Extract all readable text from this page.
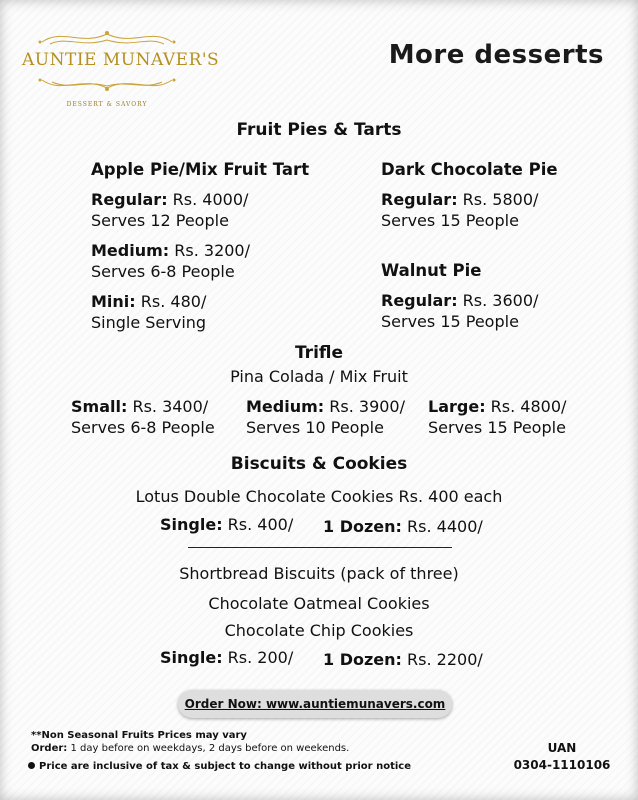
AUNTIE MUNAVER'S
DESSERT & SAVORY
More desserts
Fruit Pies & Tarts
Apple Pie/Mix Fruit Tart
Regular: Rs. 4000/
Serves 12 People
Medium: Rs. 3200/
Serves 6-8 People
Mini: Rs. 480/
Single Serving
Dark Chocolate Pie
Regular: Rs. 5800/
Serves 15 People
Walnut Pie
Regular: Rs. 3600/
Serves 15 People
Trifle
Pina Colada / Mix Fruit
Small: Rs. 3400/
Serves 6-8 People
Medium: Rs. 3900/
Serves 10 People
Large: Rs. 4800/
Serves 15 People
Biscuits & Cookies
Lotus Double Chocolate Cookies Rs. 400 each
Single: Rs. 400/ 1 Dozen: Rs. 4400/
Shortbread Biscuits (pack of three)
Chocolate Oatmeal Cookies
Chocolate Chip Cookies
Single: Rs. 200/ 1 Dozen: Rs. 2200/
Order Now: www.auntiemunavers.com
**Non Seasonal Fruits Prices may vary
Order: 1 day before on weekdays, 2 days before on weekends.
Price are inclusive of tax & subject to change without prior notice
UAN
0304-1110106
